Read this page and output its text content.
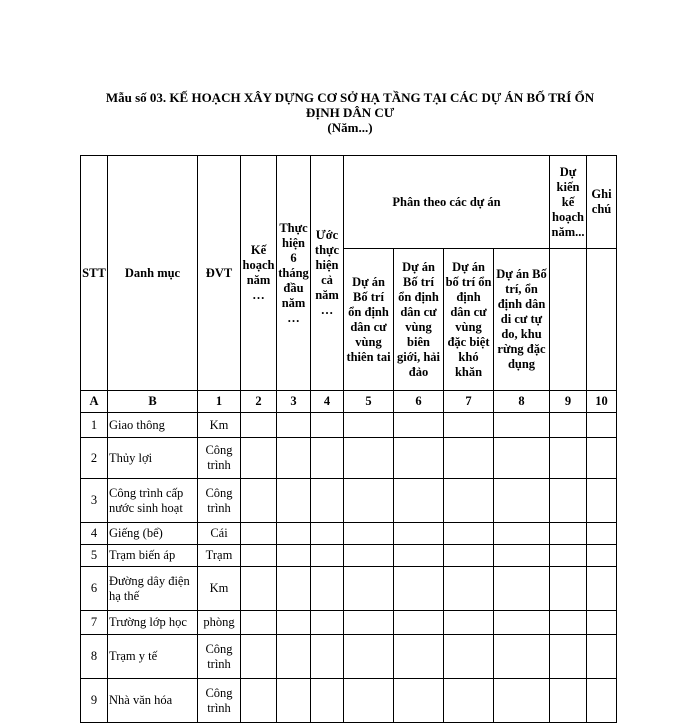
Mẫu số 03. KẾ HOẠCH XÂY DỰNG CƠ SỞ HẠ TẦNG TẠI CÁC DỰ ÁN BỐ TRÍ ỔN
ĐỊNH DÂN CƯ
(Năm...)
STT	Danh mục	ĐVT	Kế hoạch năm …	Thực hiện 6 tháng đầu năm …	Ước thực hiện cả năm …	Phân theo các dự án				Dự kiến kế hoạch năm...	Ghi chú
						Dự án Bố trí ổn định dân cư vùng thiên tai	Dự án Bố trí ổn định dân cư vùng biên giới, hải đảo	Dự án bố trí ổn định dân cư vùng đặc biệt khó khăn	Dự án Bố trí, ổn định dân di cư tự do, khu rừng đặc dụng		
A	B	1	2	3	4	5	6	7	8	9	10
1	Giao thông	Km									
2	Thủy lợi	Công trình									
3	Công trình cấp nước sinh hoạt	Công trình									
4	Giếng (bể)	Cái									
5	Trạm biến áp	Trạm									
6	Đường dây điện hạ thế	Km									
7	Trường lớp học	phòng									
8	Trạm y tế	Công trình									
9	Nhà văn hóa	Công trình									
